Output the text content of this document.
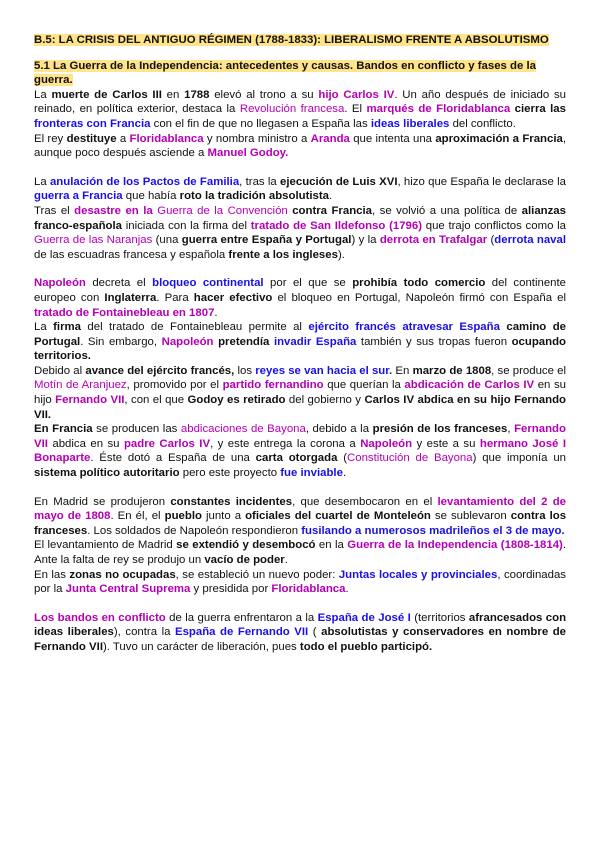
B.5: LA CRISIS DEL ANTIGUO RÉGIMEN (1788-1833): LIBERALISMO FRENTE A ABSOLUTISMO

5.1 La Guerra de la Independencia: antecedentes y causas. Bandos en conflicto y fases de la guerra.

La muerte de Carlos III en 1788 elevó al trono a su hijo Carlos IV. Un año después de iniciado su reinado, en política exterior, destaca la Revolución francesa. El marqués de Floridablanca cierra las fronteras con Francia con el fin de que no llegasen a España las ideas liberales del conflicto.

El rey destituye a Floridablanca y nombra ministro a Aranda que intenta una aproximación a Francia, aunque poco después asciende a Manuel Godoy.

La anulación de los Pactos de Familia, tras la ejecución de Luis XVI, hizo que España le declarase la guerra a Francia que había roto la tradición absolutista.

Tras el desastre en la Guerra de la Convención contra Francia, se volvió a una política de alianzas franco-española iniciada con la firma del tratado de San Ildefonso (1796) que trajo conflictos como la Guerra de las Naranjas (una guerra entre España y Portugal) y la derrota en Trafalgar (derrota naval de las escuadras francesa y española frente a los ingleses).

Napoleón decreta el bloqueo continental por el que se prohibía todo comercio del continente europeo con Inglaterra. Para hacer efectivo el bloqueo en Portugal, Napoleón firmó con España el tratado de Fontainebleau en 1807.

La firma del tratado de Fontainebleau permite al ejército francés atravesar España camino de Portugal. Sin embargo, Napoleón pretendía invadir España también y sus tropas fueron ocupando territorios.

Debido al avance del ejército francés, los reyes se van hacia el sur. En marzo de 1808, se produce el Motín de Aranjuez, promovido por el partido fernandino que querían la abdicación de Carlos IV en su hijo Fernando VII, con el que Godoy es retirado del gobierno y Carlos IV abdica en su hijo Fernando VII.

En Francia se producen las abdicaciones de Bayona, debido a la presión de los franceses, Fernando VII abdica en su padre Carlos IV, y este entrega la corona a Napoleón y este a su hermano José I Bonaparte. Éste dotó a España de una carta otorgada (Constitución de Bayona) que imponía un sistema político autoritario pero este proyecto fue inviable.

En Madrid se produjeron constantes incidentes, que desembocaron en el levantamiento del 2 de mayo de 1808. En él, el pueblo junto a oficiales del cuartel de Monteleón se sublevaron contra los franceses. Los soldados de Napoleón respondieron fusilando a numerosos madrileños el 3 de mayo.

El levantamiento de Madrid se extendió y desembocó en la Guerra de la Independencia (1808-1814). Ante la falta de rey se produjo un vacío de poder.

En las zonas no ocupadas, se estableció un nuevo poder: Juntas locales y provinciales, coordinadas por la Junta Central Suprema y presidida por Floridablanca.

Los bandos en conflicto de la guerra enfrentaron a la España de José I (territorios afrancesados con ideas liberales), contra la España de Fernando VII ( absolutistas y conservadores en nombre de Fernando VII). Tuvo un carácter de liberación, pues todo el pueblo participó.
